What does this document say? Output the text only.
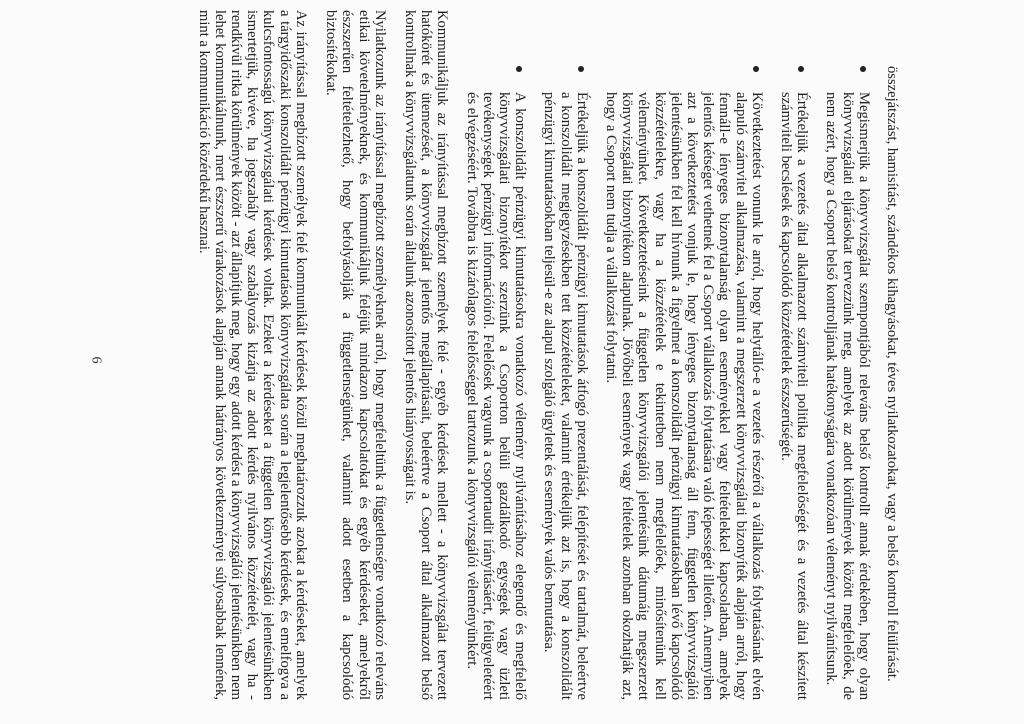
összejátszást, hamisítást, szándékos kihagyásokat, téves nyilatkozatokat, vagy a belső kontroll felülírását.

Megismerjük a könyvvizsgálat szempontjából releváns belső kontrollt annak érdekében, hogy olyan könyvvizsgálati eljárásokat tervezzünk meg, amelyek az adott körülmények között megfelelőek, de nem azért, hogy a Csoport belső kontrolljának hatékonyságára vonatkozóan véleményt nyilvánítsunk.
Értékeljük a vezetés által alkalmazott számviteli politika megfelelőségét és a vezetés által készített számviteli becslések és kapcsolódó közzétételek észszerűségét.
Következtetést vonunk le arról, hogy helytálló-e a vezetés részéről a vállalkozás folytatásának elvén alapuló számvitel alkalmazása, valamint a megszerzett könyvvizsgálati bizonyíték alapján arról, hogy fennáll-e lényeges bizonytalanság olyan eseményekkel vagy feltételekkel kapcsolatban, amelyek jelentős kétséget vethetnek fel a Csoport vállalkozás folytatására való képességét illetően. Amennyiben azt a következtetést vonjuk le, hogy lényeges bizonytalanság áll fenn, független könyvvizsgálói jelentésünkben fel kell hívnunk a figyelmet a konszolidált pénzügyi kimutatásokban lévő kapcsolódó közzétételekre, vagy ha a közzétételek e tekintetben nem megfelelőek, minősítenünk kell véleményünket. Következtetéseink a független könyvvizsgálói jelentésünk dátumáig megszerzett könyvvizsgálati bizonyítékon alapulnak. Jövőbeli események vagy feltételek azonban okozhatják azt, hogy a Csoport nem tudja a vállalkozást folytatni.
Értékeljük a konszolidált pénzügyi kimutatások átfogó prezentálását, felépítését és tartalmát, beleértve a konszolidált megjegyzésekben tett közzétételeket, valamint értékeljük azt is, hogy a konszolidált pénzügyi kimutatásokban teljesül-e az alapul szolgáló ügyletek és események valós bemutatása.
A konszolidált pénzügyi kimutatásokra vonatkozó vélemény nyilvánításához elegendő és megfelelő könyvvizsgálati bizonyítékot szerzünk a Csoporton belüli gazdálkodó egységek vagy üzleti tevékenységek pénzügyi információiról. Felelősek vagyunk a csoportaudit irányításáért, felügyeletéért és elvégzéséért. Továbbra is kizárólagos felelősséggel tartozunk a könyvvizsgálói véleményünkért.

Kommunikáljuk az irányítással megbízott személyek felé - egyéb kérdések mellett - a könyvvizsgálat tervezett hatókörét és ütemezését, a könyvvizsgálat jelentős megállapításait, beleértve a Csoport által alkalmazott belső kontrollnak a könyvvizsgálatunk során általunk azonosított jelentős hiányosságait is.

Nyilatkozunk az irányítással megbízott személyeknek arról, hogy megfeleltünk a függetlenségre vonatkozó releváns etikai követelményeknek, és kommunikáljuk feléjük mindazon kapcsolatokat és egyéb kérdéseket, amelyekről észszerűen feltételezhető, hogy befolyásolják a függetlenségünket, valamint adott esetben a kapcsolódó biztosítékokat.

Az irányítással megbízott személyek felé kommunikált kérdések közül meghatározzuk azokat a kérdéseket, amelyek a tárgyidőszaki konszolidált pénzügyi kimutatások könyvvizsgálata során a legjelentősebb kérdések, és emelfogva a kulcsfontosságú könyvvizsgálati kérdések voltak. Ezeket a kérdéseket a független könyvvizsgálói jelentésünkben ismertetjük, kivéve, ha jogszabály vagy szabályozás kizárja az adott kérdés nyilvános közzétételét, vagy ha - rendkívül ritka körülmények között - azt állapítjuk meg, hogy egy adott kérdést a könyvvizsgálói jelentésünkben nem lehet kommunikálnunk, mert észszerű várakozások alapján annak hátrányos következményei súlyosabbak lennének, mint a kommunikáció közérdekű hasznai.

6
